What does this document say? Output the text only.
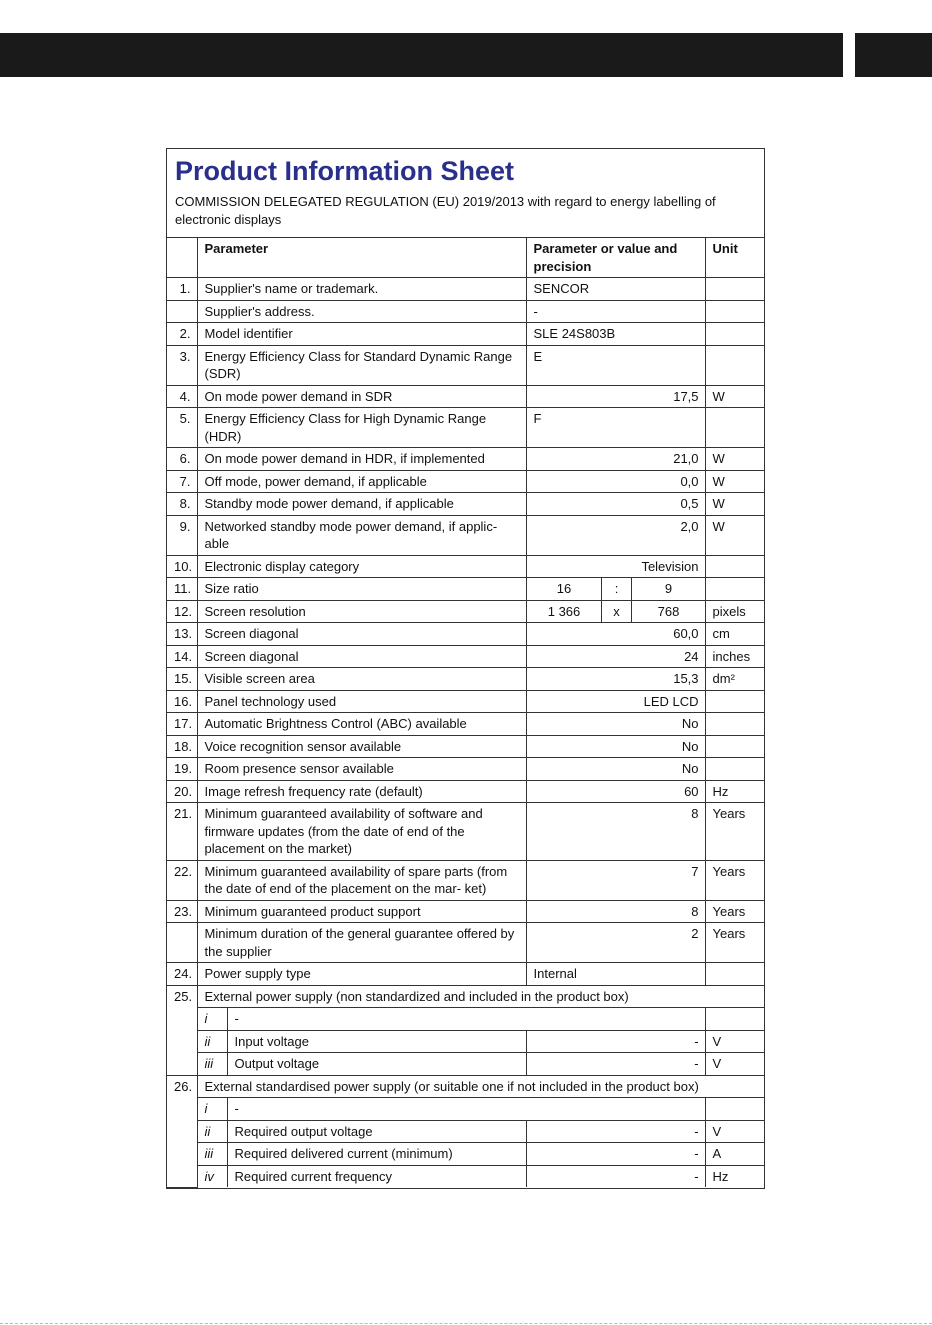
Product Information Sheet
COMMISSION DELEGATED REGULATION (EU) 2019/2013 with regard to energy labelling of electronic displays
	Parameter		Parameter or value and precision			Unit
1.	Supplier's name or trademark.		SENCOR			
	Supplier's address.		-			
2.	Model identifier		SLE 24S803B			
3.	Energy Efficiency Class for Standard Dynamic Range (SDR)		E			
4.	On mode power demand in SDR		17,5			W
5.	Energy Efficiency Class for High Dynamic Range (HDR)		F			
6.	On mode power demand in HDR, if implemented		21,0			W
7.	Off mode, power demand, if applicable		0,0			W
8.	Standby mode power demand, if applicable		0,5			W
9.	Networked standby mode power demand, if applic- able		2,0			W
10.	Electronic display category		Television			
11.	Size ratio		16	:	9	
12.	Screen resolution		1 366	x	768	pixels
13.	Screen diagonal		60,0			cm
14.	Screen diagonal		24			inches
15.	Visible screen area		15,3			dm²
16.	Panel technology used		LED LCD			
17.	Automatic Brightness Control (ABC) available		No			
18.	Voice recognition sensor available		No			
19.	Room presence sensor available		No			
20.	Image refresh frequency rate (default)		60			Hz
21.	Minimum guaranteed availability of software and firmware updates (from the date of end of the placement on the market)		8			Years
22.	Minimum guaranteed availability of spare parts (from the date of end of the placement on the mar- ket)		7			Years
23.	Minimum guaranteed product support		8			Years
	Minimum duration of the general guarantee offered by the supplier		2			Years
24.	Power supply type		Internal			
25.	External power supply (non standardized and included in the product box)					
	i	-				
	ii	Input voltage	-			V
	iii	Output voltage	-			V
26.	External standardised power supply (or suitable one if not included in the product box)					
	i	-				
	ii	Required output voltage	-			V
	iii	Required delivered current (minimum)	-			A
	iv	Required current frequency	-			Hz
